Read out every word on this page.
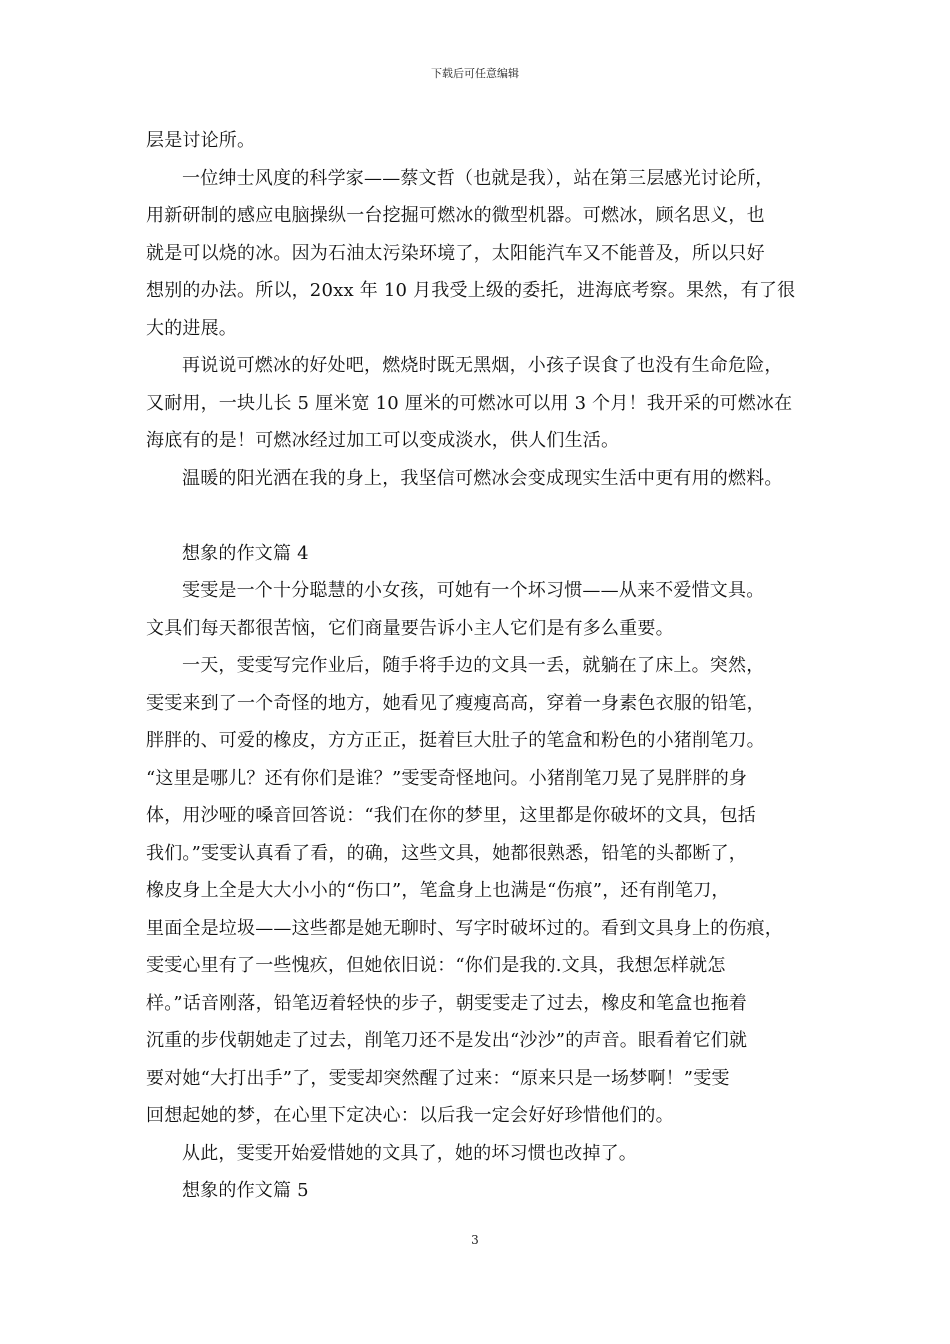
下载后可任意编辑
层是讨论所。
一位绅士风度的科学家——蔡文哲（也就是我），站在第三层感光讨论所，
用新研制的感应电脑操纵一台挖掘可燃冰的微型机器。可燃冰，顾名思义，也
就是可以烧的冰。因为石油太污染环境了，太阳能汽车又不能普及，所以只好
想别的办法。所以，20xx 年 10 月我受上级的委托，进海底考察。果然，有了很
大的进展。
再说说可燃冰的好处吧，燃烧时既无黑烟，小孩子误食了也没有生命危险，
又耐用，一块儿长 5 厘米宽 10 厘米的可燃冰可以用 3 个月！我开采的可燃冰在
海底有的是！可燃冰经过加工可以变成淡水，供人们生活。
温暖的阳光洒在我的身上，我坚信可燃冰会变成现实生活中更有用的燃料。
想象的作文篇 4
雯雯是一个十分聪慧的小女孩，可她有一个坏习惯——从来不爱惜文具。
文具们每天都很苦恼，它们商量要告诉小主人它们是有多么重要。
一天，雯雯写完作业后，随手将手边的文具一丢，就躺在了床上。突然，
雯雯来到了一个奇怪的地方，她看见了瘦瘦高高，穿着一身素色衣服的铅笔，
胖胖的、可爱的橡皮，方方正正，挺着巨大肚子的笔盒和粉色的小猪削笔刀。
“这里是哪儿？还有你们是谁？”雯雯奇怪地问。小猪削笔刀晃了晃胖胖的身
体，用沙哑的嗓音回答说：“我们在你的梦里，这里都是你破坏的文具，包括
我们。”雯雯认真看了看，的确，这些文具，她都很熟悉，铅笔的头都断了，
橡皮身上全是大大小小的“伤口”，笔盒身上也满是“伤痕”，还有削笔刀，
里面全是垃圾——这些都是她无聊时、写字时破坏过的。看到文具身上的伤痕，
雯雯心里有了一些愧疚，但她依旧说：“你们是我的.文具，我想怎样就怎
样。”话音刚落，铅笔迈着轻快的步子，朝雯雯走了过去，橡皮和笔盒也拖着
沉重的步伐朝她走了过去，削笔刀还不是发出“沙沙”的声音。眼看着它们就
要对她“大打出手”了，雯雯却突然醒了过来：“原来只是一场梦啊！”雯雯
回想起她的梦，在心里下定决心：以后我一定会好好珍惜他们的。
从此，雯雯开始爱惜她的文具了，她的坏习惯也改掉了。
想象的作文篇 5
3
